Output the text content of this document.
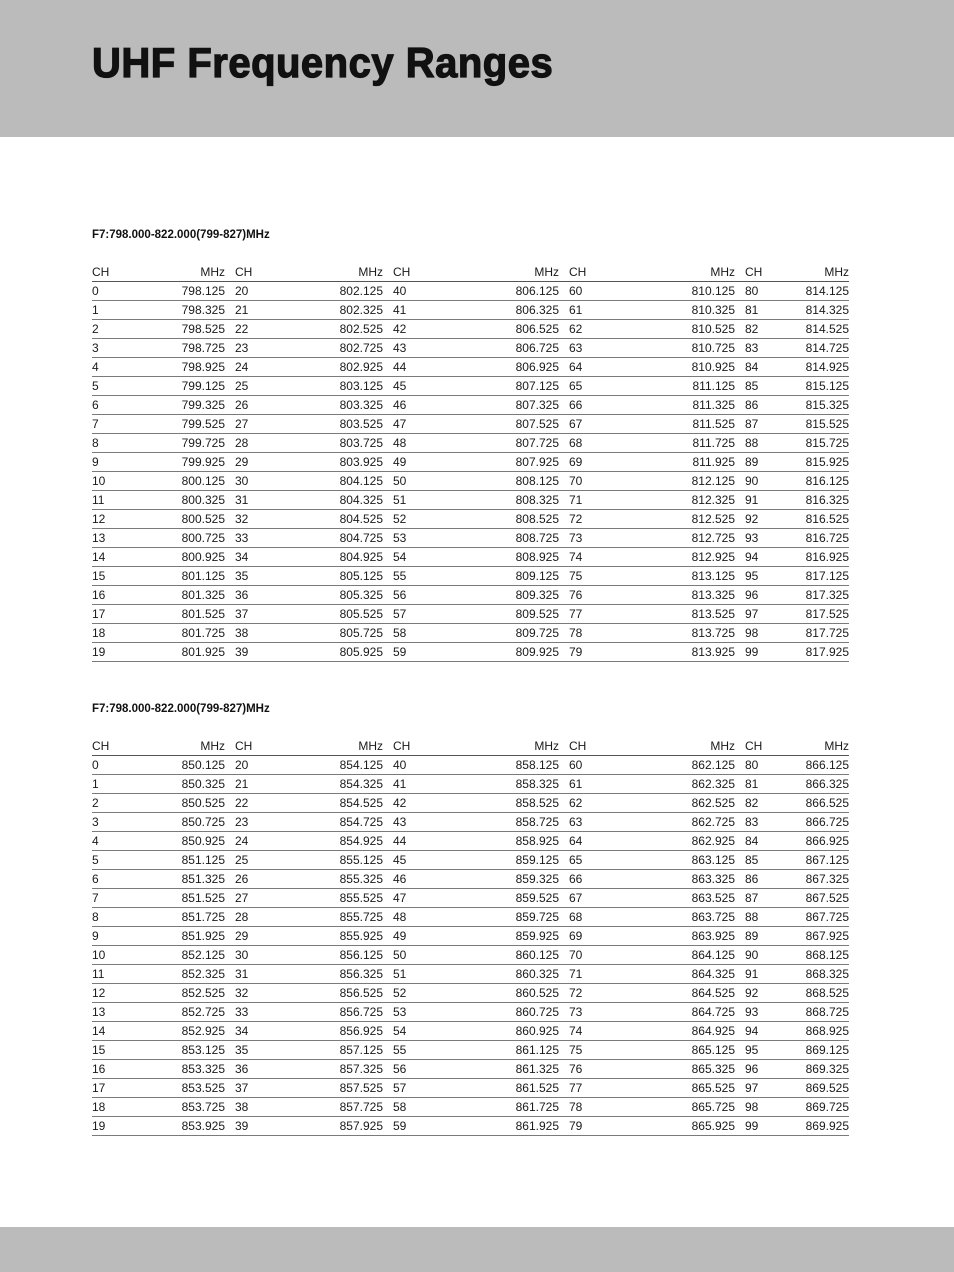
UHF Frequency Ranges
F7:798.000-822.000(799-827)MHz
CH	MHz	CH	MHz	CH	MHz	CH	MHz	CH	MHz
0	798.125	20	802.125	40	806.125	60	810.125	80	814.125
1	798.325	21	802.325	41	806.325	61	810.325	81	814.325
2	798.525	22	802.525	42	806.525	62	810.525	82	814.525
3	798.725	23	802.725	43	806.725	63	810.725	83	814.725
4	798.925	24	802.925	44	806.925	64	810.925	84	814.925
5	799.125	25	803.125	45	807.125	65	811.125	85	815.125
6	799.325	26	803.325	46	807.325	66	811.325	86	815.325
7	799.525	27	803.525	47	807.525	67	811.525	87	815.525
8	799.725	28	803.725	48	807.725	68	811.725	88	815.725
9	799.925	29	803.925	49	807.925	69	811.925	89	815.925
10	800.125	30	804.125	50	808.125	70	812.125	90	816.125
11	800.325	31	804.325	51	808.325	71	812.325	91	816.325
12	800.525	32	804.525	52	808.525	72	812.525	92	816.525
13	800.725	33	804.725	53	808.725	73	812.725	93	816.725
14	800.925	34	804.925	54	808.925	74	812.925	94	816.925
15	801.125	35	805.125	55	809.125	75	813.125	95	817.125
16	801.325	36	805.325	56	809.325	76	813.325	96	817.325
17	801.525	37	805.525	57	809.525	77	813.525	97	817.525
18	801.725	38	805.725	58	809.725	78	813.725	98	817.725
19	801.925	39	805.925	59	809.925	79	813.925	99	817.925
F7:798.000-822.000(799-827)MHz
CH	MHz	CH	MHz	CH	MHz	CH	MHz	CH	MHz
0	850.125	20	854.125	40	858.125	60	862.125	80	866.125
1	850.325	21	854.325	41	858.325	61	862.325	81	866.325
2	850.525	22	854.525	42	858.525	62	862.525	82	866.525
3	850.725	23	854.725	43	858.725	63	862.725	83	866.725
4	850.925	24	854.925	44	858.925	64	862.925	84	866.925
5	851.125	25	855.125	45	859.125	65	863.125	85	867.125
6	851.325	26	855.325	46	859.325	66	863.325	86	867.325
7	851.525	27	855.525	47	859.525	67	863.525	87	867.525
8	851.725	28	855.725	48	859.725	68	863.725	88	867.725
9	851.925	29	855.925	49	859.925	69	863.925	89	867.925
10	852.125	30	856.125	50	860.125	70	864.125	90	868.125
11	852.325	31	856.325	51	860.325	71	864.325	91	868.325
12	852.525	32	856.525	52	860.525	72	864.525	92	868.525
13	852.725	33	856.725	53	860.725	73	864.725	93	868.725
14	852.925	34	856.925	54	860.925	74	864.925	94	868.925
15	853.125	35	857.125	55	861.125	75	865.125	95	869.125
16	853.325	36	857.325	56	861.325	76	865.325	96	869.325
17	853.525	37	857.525	57	861.525	77	865.525	97	869.525
18	853.725	38	857.725	58	861.725	78	865.725	98	869.725
19	853.925	39	857.925	59	861.925	79	865.925	99	869.925
